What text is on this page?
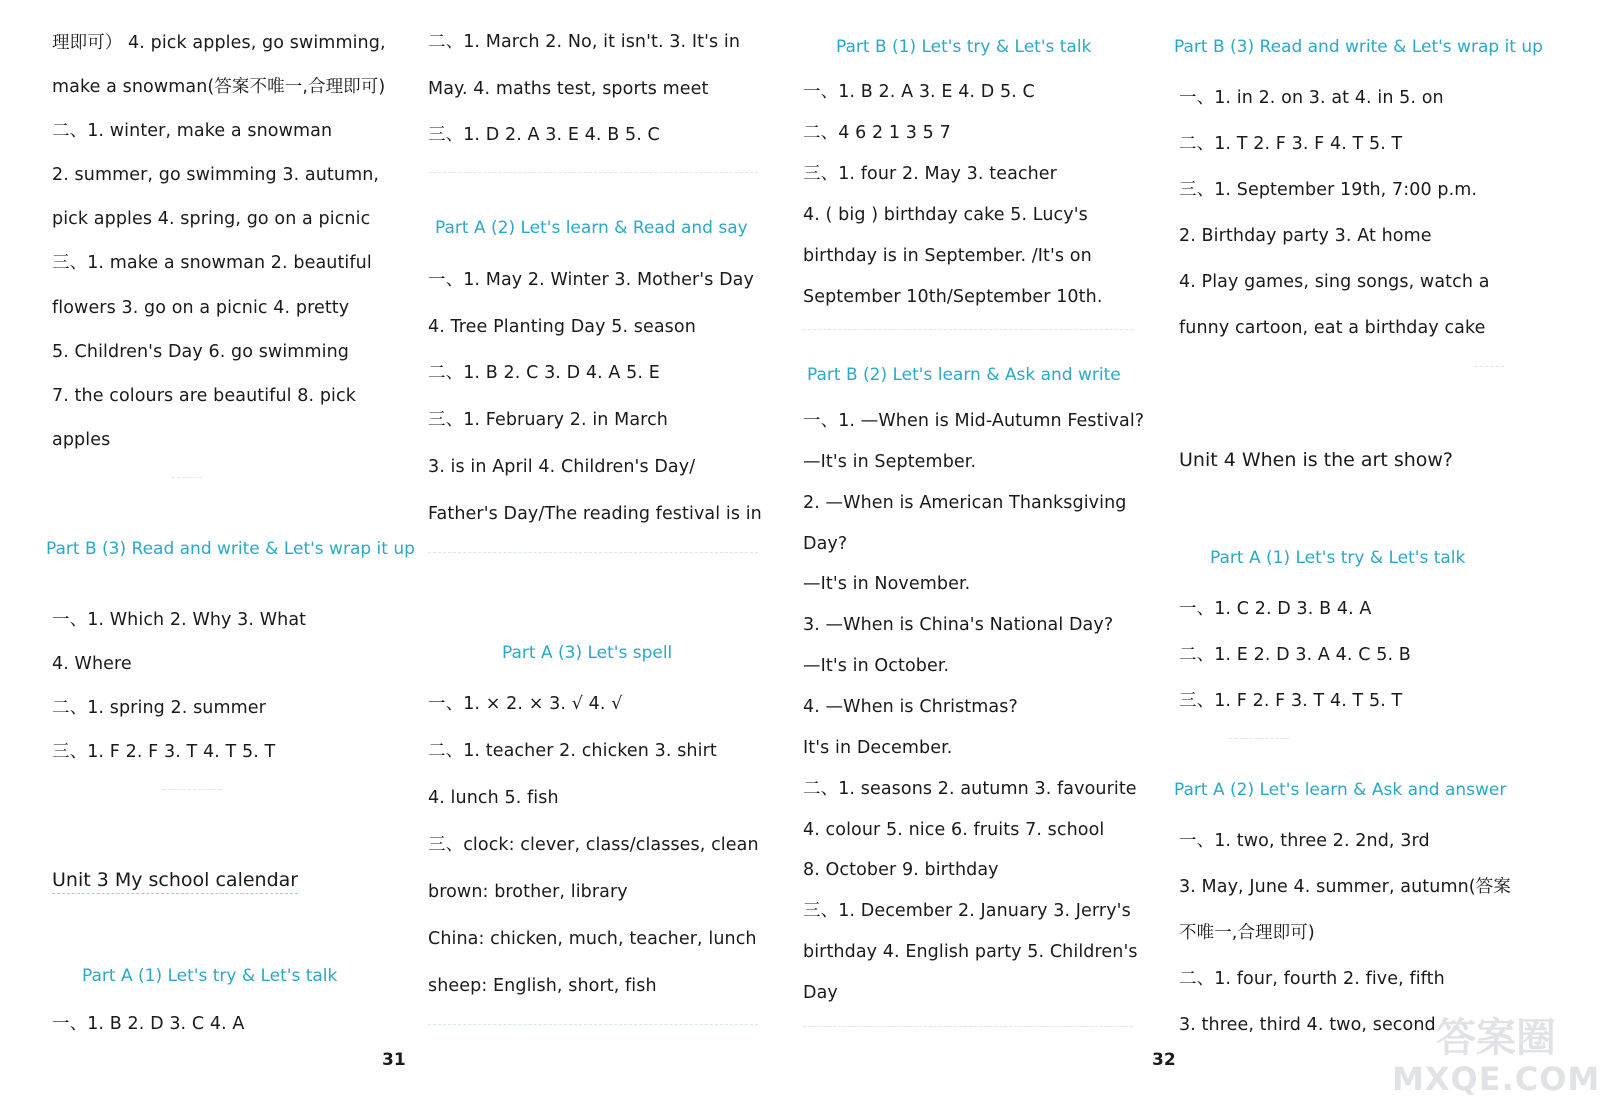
理即可） 4. pick apples, go swimming,
make a snowman(答案不唯一,合理即可)
二、1. winter, make a snowman
2. summer, go swimming 3. autumn,
pick apples 4. spring, go on a picnic
三、1. make a snowman 2. beautiful
flowers 3. go on a picnic 4. pretty
5. Children's Day 6. go swimming
7. the colours are beautiful 8. pick
apples
Part B (3) Read and write & Let's wrap it up
一、1. Which 2. Why 3. What
4. Where
二、1. spring 2. summer
三、1. F 2. F 3. T 4. T 5. T
Unit 3 My school calendar
Part A (1) Let's try & Let's talk
一、1. B 2. D 3. C 4. A
二、1. March 2. No, it isn't. 3. It's in
May. 4. maths test, sports meet
三、1. D 2. A 3. E 4. B 5. C
Part A (2) Let's learn & Read and say
一、1. May 2. Winter 3. Mother's Day
4. Tree Planting Day 5. season
二、1. B 2. C 3. D 4. A 5. E
三、1. February 2. in March
3. is in April 4. Children's Day/
Father's Day/The reading festival is in
Part A (3) Let's spell
一、1. × 2. × 3. √ 4. √
二、1. teacher 2. chicken 3. shirt
4. lunch 5. fish
三、clock: clever, class/classes, clean
brown: brother, library
China: chicken, much, teacher, lunch
sheep: English, short, fish
Part B (1) Let's try & Let's talk
一、1. B 2. A 3. E 4. D 5. C
二、4 6 2 1 3 5 7
三、1. four 2. May 3. teacher
4. ( big ) birthday cake 5. Lucy's
birthday is in September. /It's on
September 10th/September 10th.
Part B (2) Let's learn & Ask and write
一、1. —When is Mid-Autumn Festival?
—It's in September.
2. —When is American Thanksgiving
Day?
—It's in November.
3. —When is China's National Day?
—It's in October.
4. —When is Christmas?
It's in December.
二、1. seasons 2. autumn 3. favourite
4. colour 5. nice 6. fruits 7. school
8. October 9. birthday
三、1. December 2. January 3. Jerry's
birthday 4. English party 5. Children's
Day
Part B (3) Read and write & Let's wrap it up
一、1. in 2. on 3. at 4. in 5. on
二、1. T 2. F 3. F 4. T 5. T
三、1. September 19th, 7:00 p.m.
2. Birthday party 3. At home
4. Play games, sing songs, watch a
funny cartoon, eat a birthday cake
Unit 4 When is the art show?
Part A (1) Let's try & Let's talk
一、1. C 2. D 3. B 4. A
二、1. E 2. D 3. A 4. C 5. B
三、1. F 2. F 3. T 4. T 5. T
Part A (2) Let's learn & Ask and answer
一、1. two, three 2. 2nd, 3rd
3. May, June 4. summer, autumn(答案
不唯一,合理即可)
二、1. four, fourth 2. five, fifth
3. three, third 4. two, second
31	32	答案圈
MXQE.COM
